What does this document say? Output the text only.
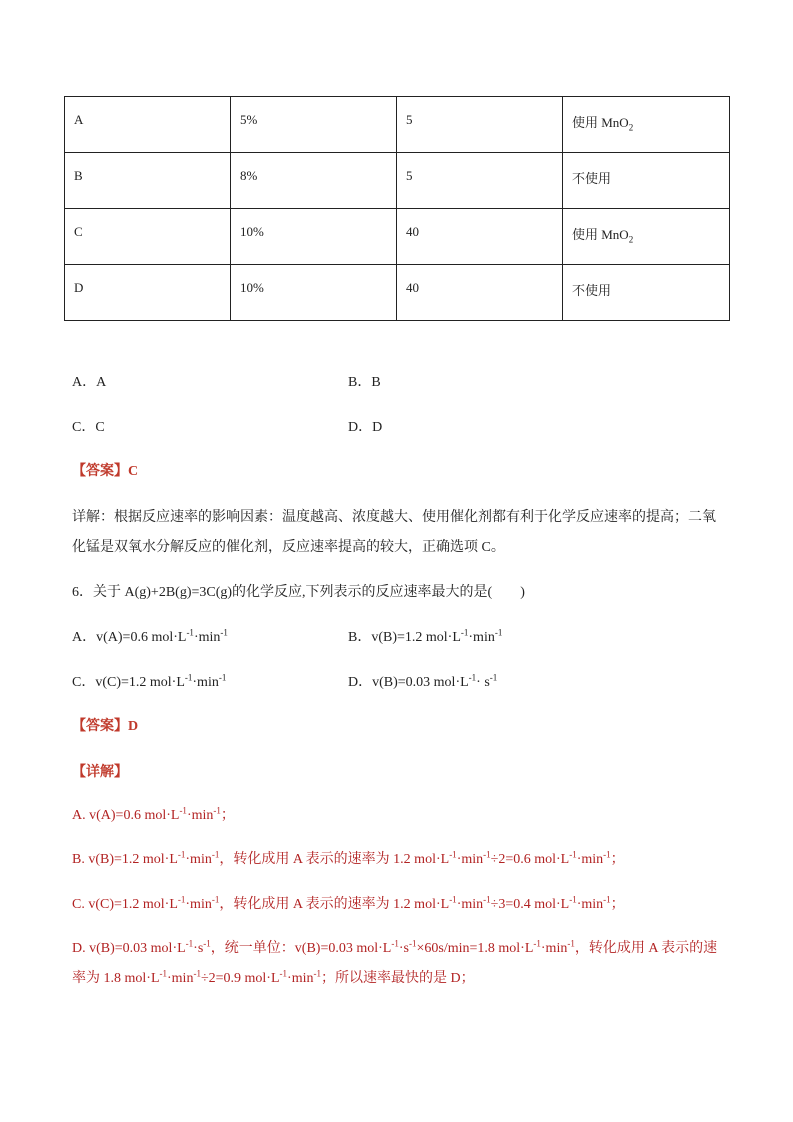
A	5%	5	使用 MnO$_2$
B	8%	5	不使用
C	10%	40	使用 MnO$_2$
D	10%	40	不使用
A．A	B．B
C．C	D．D
【答案】C
详解：根据反应速率的影响因素：温度越高、浓度越大、使用催化剂都有利于化学反应速率的提高；二氧
化锰是双氧水分解反应的催化剂，反应速率提高的较大，正确选项 C。
6．关于 A(g)+2B(g)=3C(g)的化学反应,下列表示的反应速率最大的是(　　)
A．v(A)=0.6 $mol\cdot L^{-1}\cdot\min^{-1}$	B．v(B)=1.2 $mol\cdot L^{-1}\cdot\min^{-1}$
C．v(C)=1.2 $mol\cdot L^{-1}\cdot\min^{-1}$	D．v(B)=0.03 $mol\cdot L^{-1}\cdot s^{-1}$
【答案】D
【详解】
A. v(A)=0.6 $mol\cdot L^{-1}\cdot\min^{-1}$；
B. v(B)=1.2 $mol\cdot L^{-1}\cdot\min^{-1}$，转化成用 A 表示的速率为 1.2 $mol\cdot L^{-1}\cdot\min^{-1}\div 2=0.6$ $mol\cdot L^{-1}\cdot\min^{-1}$；
C. v(C)=1.2 $mol\cdot L^{-1}\cdot\min^{-1}$，转化成用 A 表示的速率为 1.2 $mol\cdot L^{-1}\cdot\min^{-1}\div 3=0.4$ $mol\cdot L^{-1}\cdot\min^{-1}$；
D. v(B)=0.03 $mol\cdot L^{-1}\cdot s^{-1}$，统一单位：v(B)=0.03 $mol\cdot L^{-1}\cdot s^{-1}\times 60s/\min=1.8$ $mol\cdot L^{-1}\cdot\min^{-1}$，转化成用 A 表示的速
率为 1.8 $mol\cdot L^{-1}\cdot\min^{-1}\div 2=0.9$ $mol\cdot L^{-1}\cdot\min^{-1}$；所以速率最快的是 D；
